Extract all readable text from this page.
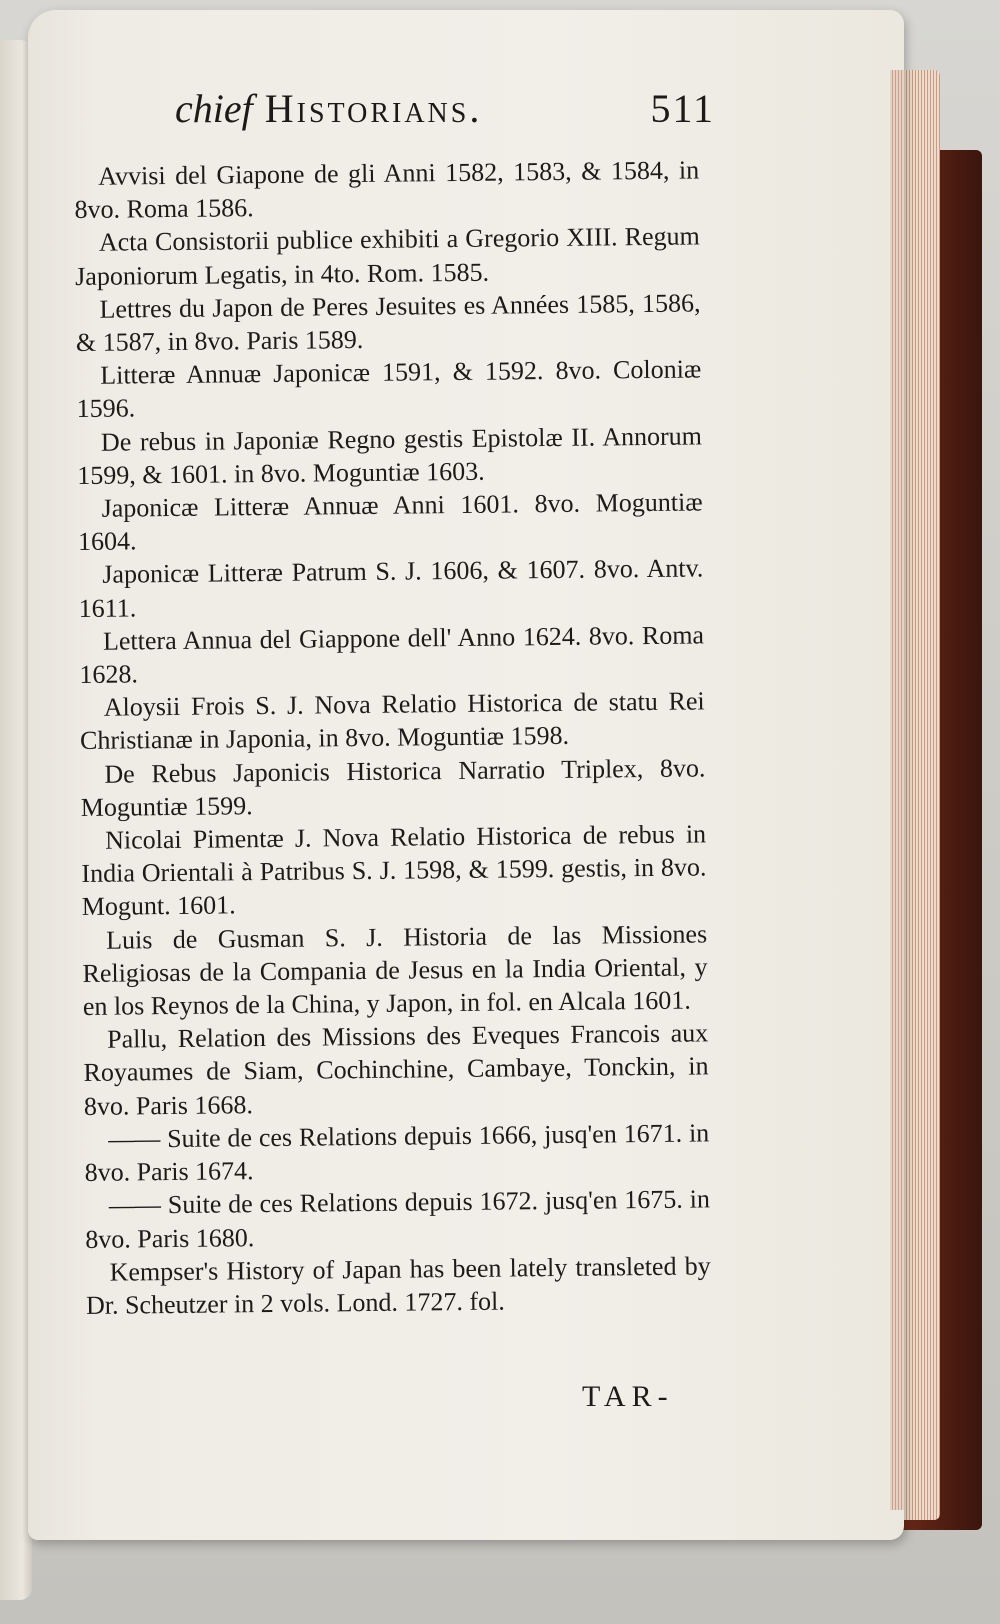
chief Historians.	511

Avvisi del Giapone de gli Anni 1582, 1583, & 1584, in 8vo. Roma 1586.

Acta Consistorii publice exhibiti a Gregorio XIII. Regum Japoniorum Legatis, in 4to. Rom. 1585.

Lettres du Japon de Peres Jesuites es Années 1585, 1586, & 1587, in 8vo. Paris 1589.

Litteræ Annuæ Japonicæ 1591, & 1592. 8vo. Coloniæ 1596.

De rebus in Japoniæ Regno gestis Epistolæ II. Annorum 1599, & 1601. in 8vo. Moguntiæ 1603.

Japonicæ Litteræ Annuæ Anni 1601. 8vo. Moguntiæ 1604.

Japonicæ Litteræ Patrum S. J. 1606, & 1607. 8vo. Antv. 1611.

Lettera Annua del Giappone dell' Anno 1624. 8vo. Roma 1628.

Aloysii Frois S. J. Nova Relatio Historica de statu Rei Christianæ in Japonia, in 8vo. Moguntiæ 1598.

De Rebus Japonicis Historica Narratio Triplex, 8vo. Moguntiæ 1599.

Nicolai Pimentæ J. Nova Relatio Historica de rebus in India Orientali à Patribus S. J. 1598, & 1599. gestis, in 8vo. Mogunt. 1601.

Luis de Gusman S. J. Historia de las Missiones Religiosas de la Compania de Jesus en la India Oriental, y en los Reynos de la China, y Japon, in fol. en Alcala 1601.

Pallu, Relation des Missions des Eveques Francois aux Royaumes de Siam, Cochinchine, Cambaye, Tonckin, in 8vo. Paris 1668.

—— Suite de ces Relations depuis 1666, jusq'en 1671. in 8vo. Paris 1674.

—— Suite de ces Relations depuis 1672. jusq'en 1675. in 8vo. Paris 1680.

Kempser's History of Japan has been lately transleted by Dr. Scheutzer in 2 vols. Lond. 1727. fol.

TAR-
